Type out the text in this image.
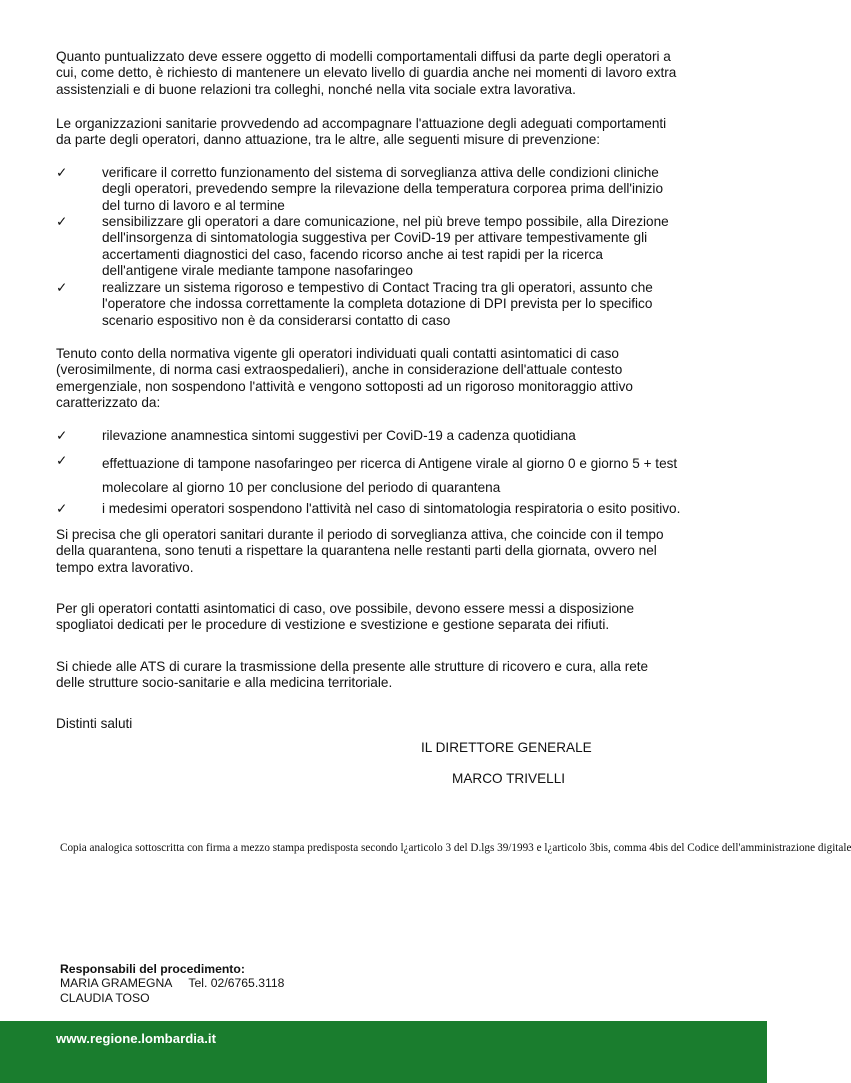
Quanto puntualizzato deve essere oggetto di modelli comportamentali diffusi da parte degli operatori a
cui, come detto, è richiesto di mantenere un elevato livello di guardia anche nei momenti di lavoro extra
assistenziali e di buone relazioni tra colleghi, nonché nella vita sociale extra lavorativa.
Le organizzazioni sanitarie provvedendo ad accompagnare l'attuazione degli adeguati comportamenti
da parte degli operatori, danno attuazione, tra le altre, alle seguenti misure di prevenzione:
✓	verificare il corretto funzionamento del sistema di sorveglianza attiva delle condizioni cliniche
degli operatori, prevedendo sempre la rilevazione della temperatura corporea prima dell'inizio
del turno di lavoro e al termine
✓	sensibilizzare gli operatori a dare comunicazione, nel più breve tempo possibile, alla Direzione
dell'insorgenza di sintomatologia suggestiva per CoviD-19 per attivare tempestivamente gli
accertamenti diagnostici del caso, facendo ricorso anche ai test rapidi per la ricerca
dell'antigene virale mediante tampone nasofaringeo
✓	realizzare un sistema rigoroso e tempestivo di Contact Tracing tra gli operatori, assunto che
l'operatore che indossa correttamente la completa dotazione di DPI prevista per lo specifico
scenario espositivo non è da considerarsi contatto di caso
Tenuto conto della normativa vigente gli operatori individuati quali contatti asintomatici di caso
(verosimilmente, di norma casi extraospedalieri), anche in considerazione dell'attuale contesto
emergenziale, non sospendono l'attività e vengono sottoposti ad un rigoroso monitoraggio attivo
caratterizzato da:
✓	rilevazione anamnestica sintomi suggestivi per CoviD-19 a cadenza quotidiana
✓	effettuazione di tampone nasofaringeo per ricerca di Antigene virale al giorno 0 e giorno 5 + test
molecolare al giorno 10 per conclusione del periodo di quarantena
✓	i medesimi operatori sospendono l'attività nel caso di sintomatologia respiratoria o esito positivo.
Si precisa che gli operatori sanitari durante il periodo di sorveglianza attiva, che coincide con il tempo
della quarantena, sono tenuti a rispettare la quarantena nelle restanti parti della giornata, ovvero nel
tempo extra lavorativo.
Per gli operatori contatti asintomatici di caso, ove possibile, devono essere messi a disposizione
spogliatoi dedicati per le procedure di vestizione e svestizione e gestione separata dei rifiuti.
Si chiede alle ATS di curare la trasmissione della presente alle strutture di ricovero e cura, alla rete
delle strutture socio-sanitarie e alla medicina territoriale.
Distinti saluti
IL DIRETTORE GENERALE
MARCO TRIVELLI
Copia analogica sottoscritta con firma a mezzo stampa predisposta secondo l¿articolo 3 del D.lgs 39/1993 e l¿articolo 3bis, comma 4bis del Codice dell'amministrazione digitale
Responsabili del procedimento:
MARIA GRAMEGNA Tel. 02/6765.3118
CLAUDIA TOSO
www.regione.lombardia.it
